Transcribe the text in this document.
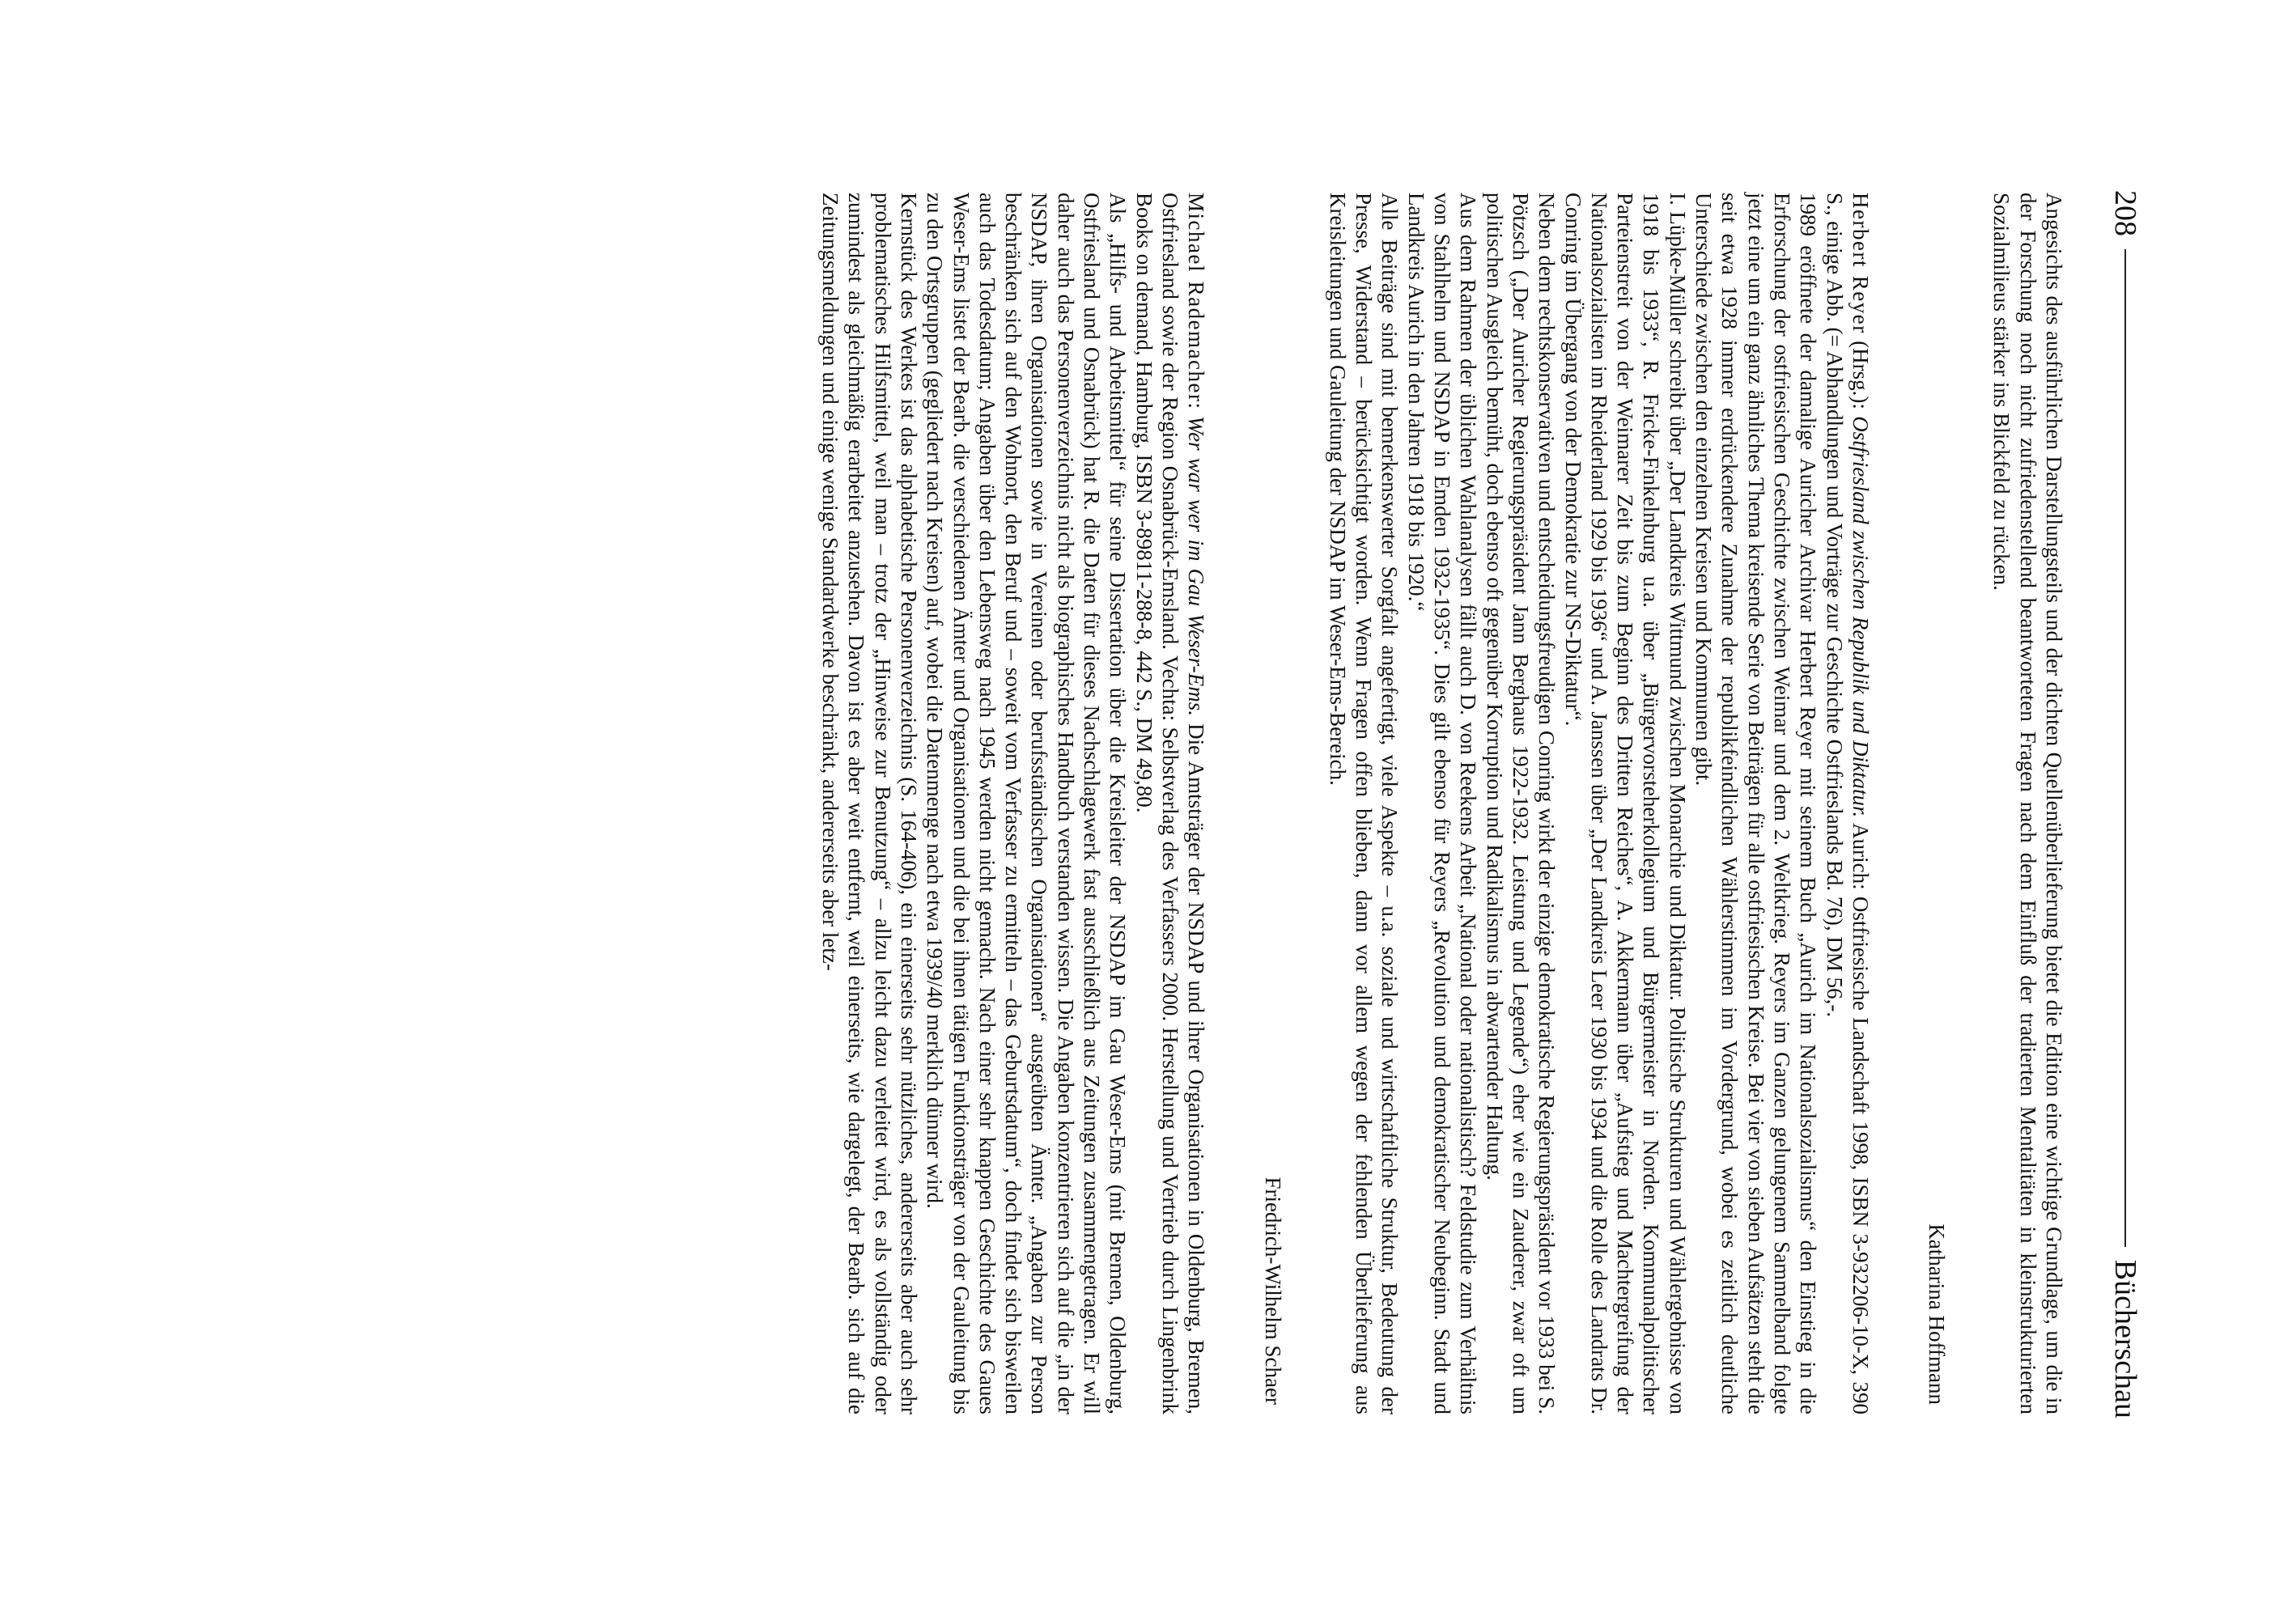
208
Bücherschau

Angesichts des ausführlichen Darstellungsteils und der dichten Quellenüberlieferung bietet die Edition eine wichtige Grundlage, um die in der Forschung noch nicht zufriedenstellend beantworteten Fragen nach dem Einfluß der tradierten Mentalitäten in kleinstrukturierten Sozialmilieus stärker ins Blickfeld zu rücken.

Katharina Hoffmann

Herbert Reyer (Hrsg.): Ostfriesland zwischen Republik und Diktatur. Aurich: Ostfriesische Landschaft 1998, ISBN 3-932206-10-X, 390 S., einige Abb. (= Abhandlungen und Vorträge zur Geschichte Ostfrieslands Bd. 76), DM 56,-.

1989 eröffnete der damalige Auricher Archivar Herbert Reyer mit seinem Buch „Aurich im Nationalsozialismus“ den Einstieg in die Erforschung der ostfriesischen Geschichte zwischen Weimar und dem 2. Weltkrieg. Reyers im Ganzen gelungenem Sammelband folgte jetzt eine um ein ganz ähnliches Thema kreisende Serie von Beiträgen für alle ostfriesischen Kreise. Bei vier von sieben Aufsätzen steht die seit etwa 1928 immer erdrückendere Zunahme der republikfeindlichen Wählerstimmen im Vordergrund, wobei es zeitlich deutliche Unterschiede zwischen den einzelnen Kreisen und Kommunen gibt.

I. Lüpke-Müller schreibt über „Der Landkreis Wittmund zwischen Monarchie und Diktatur. Politische Strukturen und Wählergebnisse von 1918 bis 1933“, R. Fricke-Finkelnburg u.a. über „Bürgervorsteherkollegium und Bürgermeister in Norden. Kommunalpolitischer Parteienstreit von der Weimarer Zeit bis zum Beginn des Dritten Reiches“, A. Akkermann über „Aufstieg und Machtergreifung der Nationalsozialisten im Rheiderland 1929 bis 1936“ und A. Janssen über „Der Landkreis Leer 1930 bis 1934 und die Rolle des Landrats Dr. Conring im Übergang von der Demokratie zur NS-Diktatur“.

Neben dem rechtskonservativen und entscheidungsfreudigen Conring wirkt der einzige demokratische Regierungspräsident vor 1933 bei S. Pötzsch („Der Auricher Regierungspräsident Jann Berghaus 1922-1932. Leistung und Legende“) eher wie ein Zauderer, zwar oft um politischen Ausgleich bemüht, doch ebenso oft gegenüber Korruption und Radikalismus in abwartender Haltung.

Aus dem Rahmen der üblichen Wahlanalysen fällt auch D. von Reekens Arbeit „National oder nationalistisch? Feldstudie zum Verhältnis von Stahlhelm und NSDAP in Emden 1932-1935“. Dies gilt ebenso für Reyers „Revolution und demokratischer Neubeginn. Stadt und Landkreis Aurich in den Jahren 1918 bis 1920.“

Alle Beiträge sind mit bemerkenswerter Sorgfalt angefertigt, viele Aspekte – u.a. soziale und wirtschaftliche Struktur, Bedeutung der Presse, Widerstand – berücksichtigt worden. Wenn Fragen offen blieben, dann vor allem wegen der fehlenden Überlieferung aus Kreisleitungen und Gauleitung der NSDAP im Weser-Ems-Bereich.

Friedrich-Wilhelm Schaer

Michael Rademacher: Wer war wer im Gau Weser-Ems. Die Amtsträger der NSDAP und ihrer Organisationen in Oldenburg, Bremen, Ostfriesland sowie der Region Osnabrück-Emsland. Vechta: Selbstverlag des Verfassers 2000. Herstellung und Vertrieb durch Lingenbrink Books on demand, Hamburg, ISBN 3-89811-288-8, 442 S., DM 49,80.

Als „Hilfs- und Arbeitsmittel“ für seine Dissertation über die Kreisleiter der NSDAP im Gau Weser-Ems (mit Bremen, Oldenburg, Ostfriesland und Osnabrück) hat R. die Daten für dieses Nachschlagewerk fast ausschließlich aus Zeitungen zusammengetragen. Er will daher auch das Personenverzeichnis nicht als biographisches Handbuch verstanden wissen. Die Angaben konzentrieren sich auf die „in der NSDAP, ihren Organisationen sowie in Vereinen oder berufsständischen Organisationen“ ausgeübten Ämter. „Angaben zur Person beschränken sich auf den Wohnort, den Beruf und – soweit vom Verfasser zu ermitteln – das Geburtsdatum“, doch findet sich bisweilen auch das Todesdatum; Angaben über den Lebensweg nach 1945 werden nicht gemacht. Nach einer sehr knappen Geschichte des Gaues Weser-Ems listet der Bearb. die verschiedenen Ämter und Organisationen und die bei ihnen tätigen Funktionsträger von der Gauleitung bis zu den Ortsgruppen (gegliedert nach Kreisen) auf, wobei die Datenmenge nach etwa 1939/40 merklich dünner wird.

Kernstück des Werkes ist das alphabetische Personenverzeichnis (S. 164-406), ein einerseits sehr nützliches, andererseits aber auch sehr problematisches Hilfsmittel, weil man – trotz der „Hinweise zur Benutzung“ – allzu leicht dazu verleitet wird, es als vollständig oder zumindest als gleichmäßig erarbeitet anzusehen. Davon ist es aber weit entfernt, weil einerseits, wie dargelegt, der Bearb. sich auf die Zeitungsmeldungen und einige wenige Standardwerke beschränkt, andererseits aber letz-
